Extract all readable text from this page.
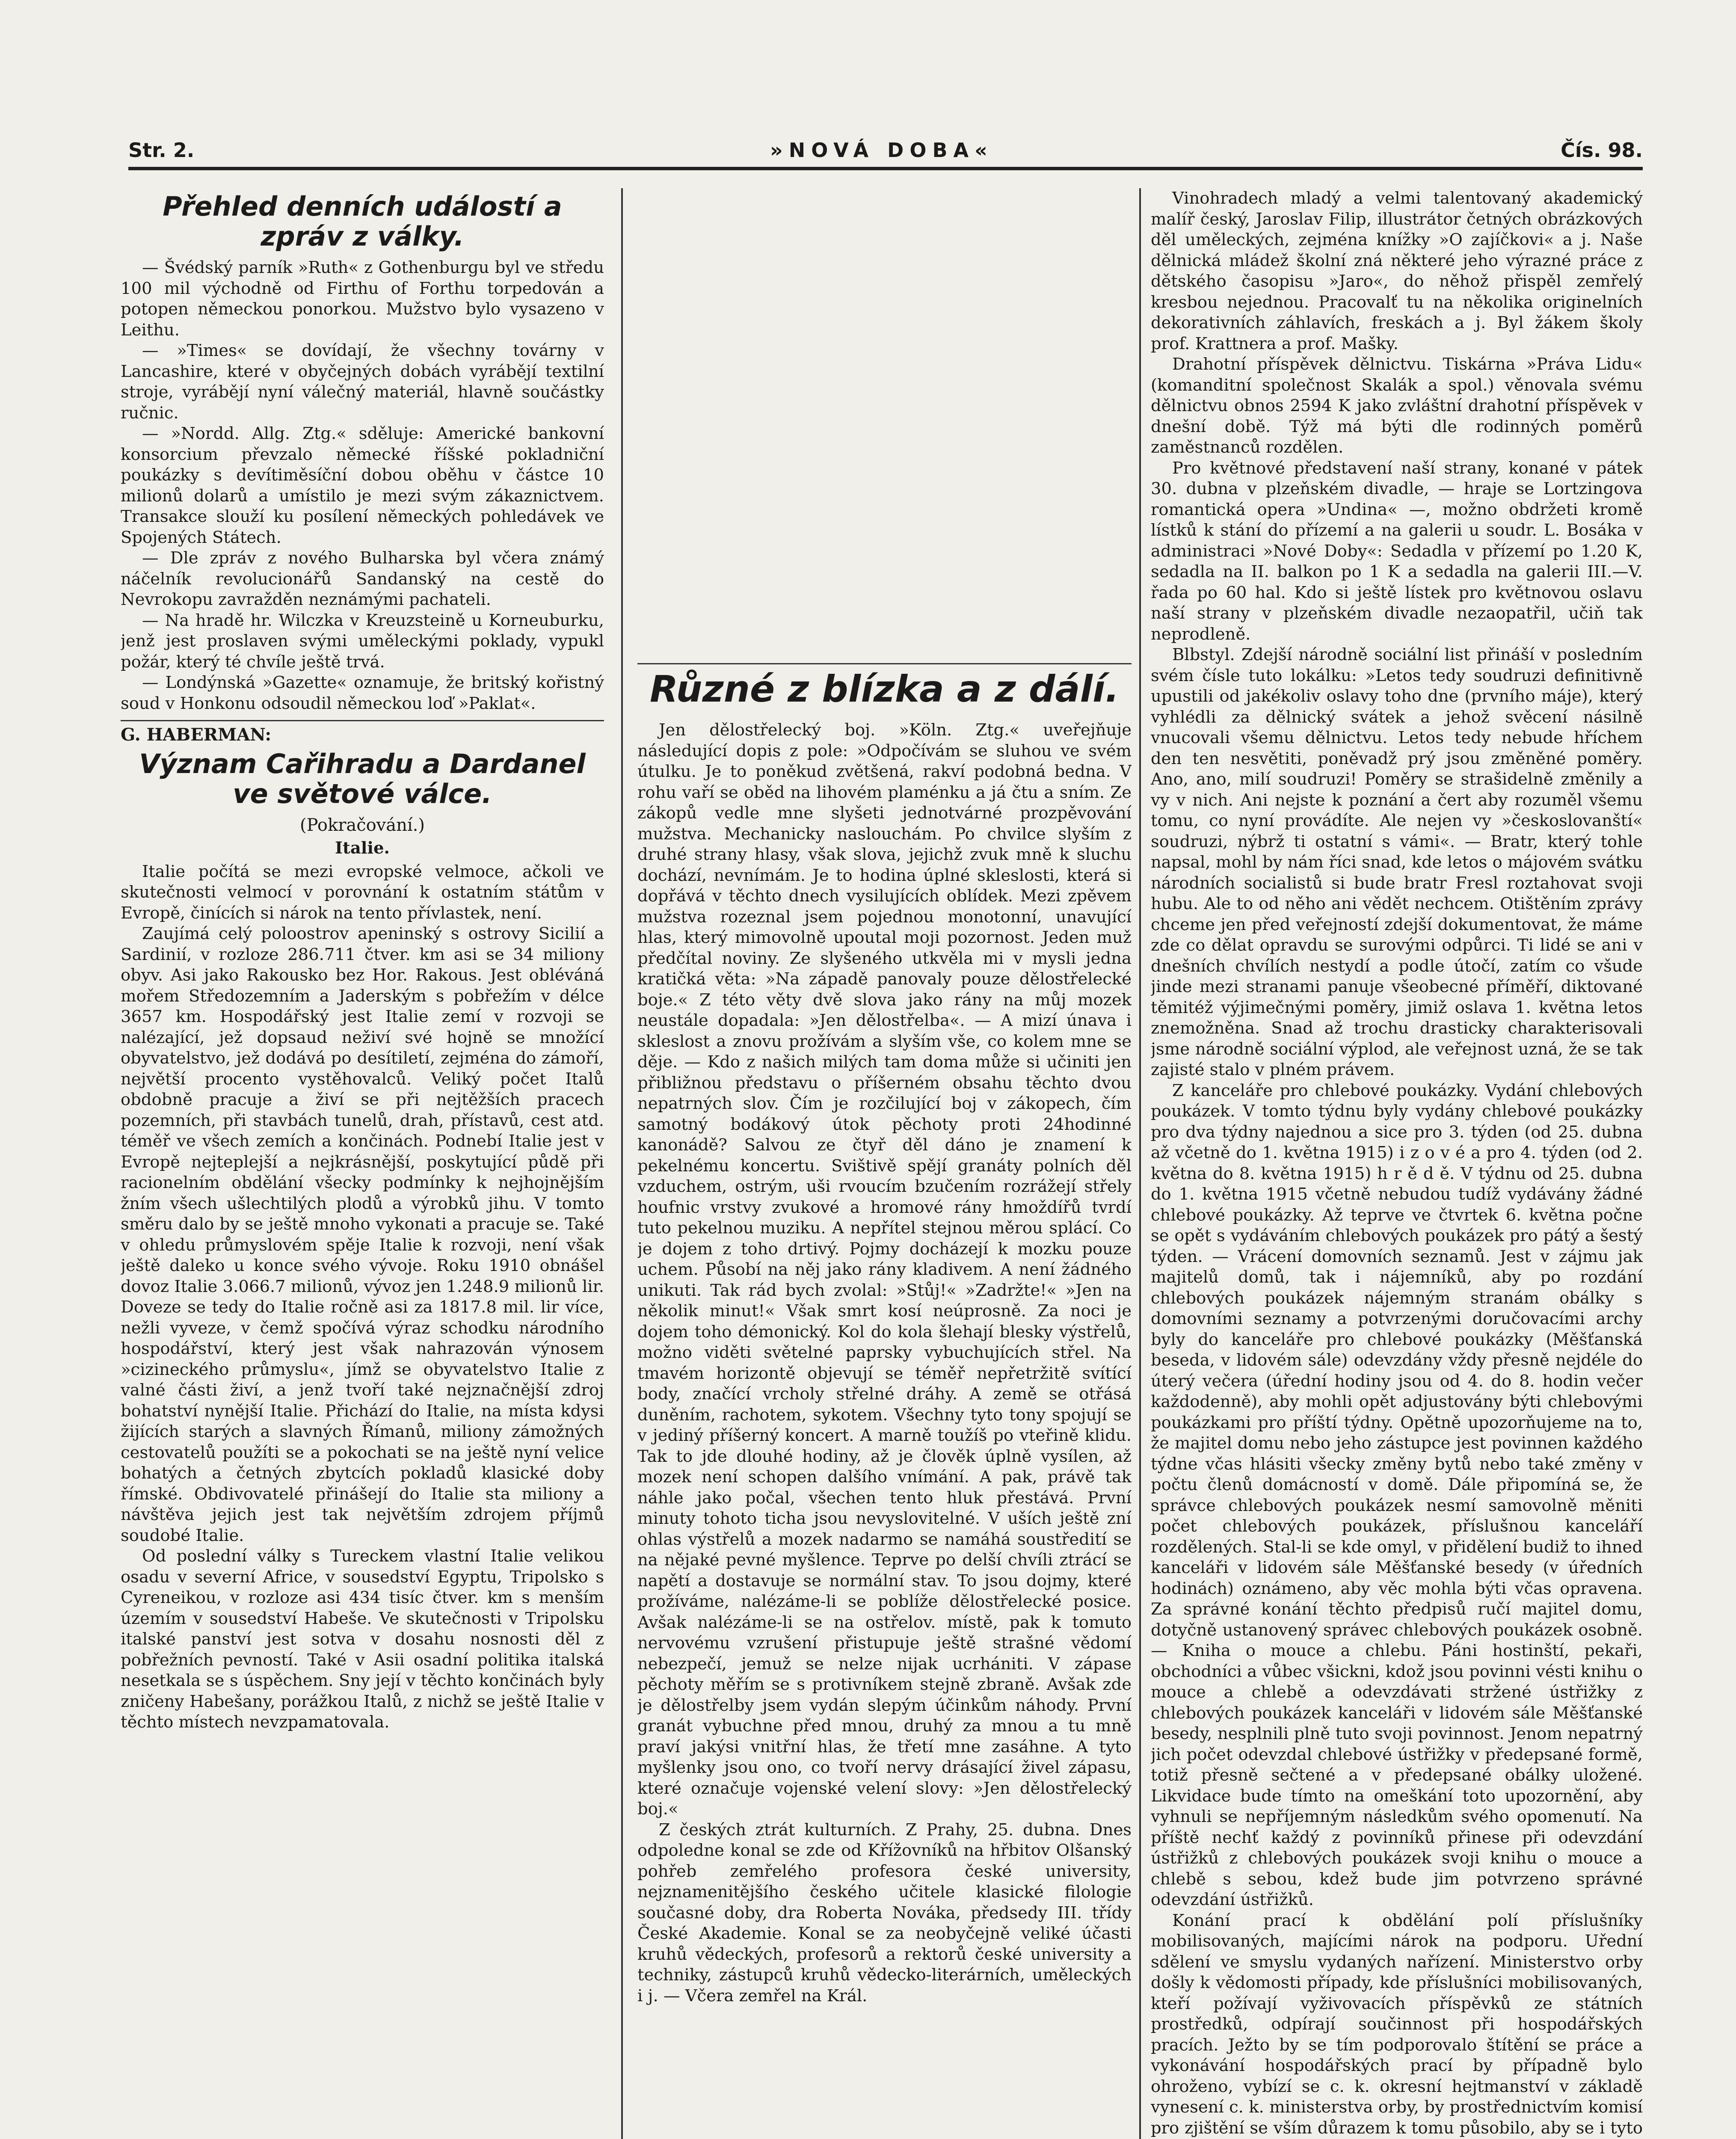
Str. 2.	»NOVÁ DOBA«	Čís. 98.
Přehled denních událostí a zpráv z války.

— Švédský parník »Ruth« z Gothenburgu byl ve středu 100 mil východně od Firthu of Forthu torpedován a potopen německou ponorkou. Mužstvo bylo vysazeno v Leithu.

— »Times« se dovídají, že všechny továrny v Lancashire, které v obyčejných dobách vyrábějí textilní stroje, vyrábějí nyní válečný materiál, hlavně součástky ručnic.

— »Nordd. Allg. Ztg.« sděluje: Americké bankovní konsorcium převzalo německé říšské pokladniční poukázky s devítiměsíční dobou oběhu v částce 10 milionů dolarů a umístilo je mezi svým zákaznictvem. Transakce slouží ku posílení německých pohledávek ve Spojených Státech.

— Dle zpráv z nového Bulharska byl včera známý náčelník revolucionářů Sandanský na cestě do Nevrokopu zavražděn neznámými pachateli.

— Na hradě hr. Wilczka v Kreuzsteině u Korneuburku, jenž jest proslaven svými uměleckými poklady, vypukl požár, který té chvíle ještě trvá.

— Londýnská »Gazette« oznamuje, že britský kořistný soud v Honkonu odsoudil německou loď »Paklat«.

G. HABERMAN:
Význam Cařihradu a Dardanel ve světové válce.
(Pokračování.)
Italie.

Italie počítá se mezi evropské velmoce, ačkoli ve skutečnosti velmocí v porovnání k ostatním státům v Evropě, činících si nárok na tento přívlastek, není.

Zaujímá celý poloostrov apeninský s ostrovy Sicilií a Sardinií, v rozloze 286.711 čtver. km asi se 34 miliony obyv. Asi jako Rakousko bez Hor. Rakous. Jest obléváná mořem Středozemním a Jaderským s pobřežím v délce 3657 km. Hospodářský jest Italie zemí v rozvoji se nalézající, jež dopsaud neživí své hojně se množící obyvatelstvo, jež dodává po desítiletí, zejména do zámoří, největší procento vystěhovalců. Veliký počet Italů obdobně pracuje a živí se při nejtěžších pracech pozemních, při stavbách tunelů, drah, přístavů, cest atd. téměř ve všech zemích a končinách. Podnebí Italie jest v Evropě nejteplejší a nejkrásnější, poskytující půdě při racionelním obdělání všecky podmínky k nejhojnějším žním všech ušlechtilých plodů a výrobků jihu. V tomto směru dalo by se ještě mnoho vykonati a pracuje se. Také v ohledu průmyslovém spěje Italie k rozvoji, není však ještě daleko u konce svého vývoje. Roku 1910 obnášel dovoz Italie 3.066.7 milionů, vývoz jen 1.248.9 milionů lir. Doveze se tedy do Italie ročně asi za 1817.8 mil. lir více, nežli vyveze, v čemž spočívá výraz schodku národního hospodářství, který jest však nahrazován výnosem »cizineckého průmyslu«, jímž se obyvatelstvo Italie z valné části živí, a jenž tvoří také nejznačnější zdroj bohatství nynější Italie. Přichází do Italie, na místa kdysi žijících starých a slavných Římanů, miliony zámožných cestovatelů použíti se a pokochati se na ještě nyní velice bohatých a četných zbytcích pokladů klasické doby římské. Obdivovatelé přinášejí do Italie sta miliony a návštěva jejich jest tak největším zdrojem příjmů soudobé Italie.

Od poslední války s Tureckem vlastní Italie velikou osadu v severní Africe, v sousedství Egyptu, Tripolsko s Cyreneikou, v rozloze asi 434 tisíc čtver. km s menším územím v sousedství Habeše. Ve skutečnosti v Tripolsku italské panství jest sotva v dosahu nosnosti děl z pobřežních pevností. Také v Asii osadní politika italská nesetkala se s úspěchem. Sny její v těchto končinách byly zničeny Habešany, porážkou Italů, z nichž se ještě Italie v těchto místech nevzpamatovala.

Různé z blízka a z dálí.

Jen dělostřelecký boj. »Köln. Ztg.« uveřejňuje následující dopis z pole: »Odpočívám se sluhou ve svém útulku. Je to poněkud zvětšená, rakví podobná bedna. V rohu vaří se oběd na lihovém plaménku a já čtu a sním. Ze zákopů vedle mne slyšeti jednotvárné prozpěvování mužstva. Mechanicky naslouchám. Po chvilce slyším z druhé strany hlasy, však slova, jejichž zvuk mně k sluchu dochází, nevnímám. Je to hodina úplné skleslosti, která si dopřává v těchto dnech vysilujících oblídek. Mezi zpěvem mužstva rozeznal jsem pojednou monotonní, unavující hlas, který mimovolně upoutal moji pozornost. Jeden muž předčítal noviny. Ze slyšeného utkvěla mi v mysli jedna kratičká věta: »Na západě panovaly pouze dělostřelecké boje.« Z této věty dvě slova jako rány na můj mozek neustále dopadala: »Jen dělostřelba«. — A mizí únava i skleslost a znovu prožívám a slyším vše, co kolem mne se děje. — Kdo z našich milých tam doma může si učiniti jen přibližnou představu o příšerném obsahu těchto dvou nepatrných slov. Čím je rozčilující boj v zákopech, čím samotný bodákový útok pěchoty proti 24hodinné kanonádě? Salvou ze čtyř děl dáno je znamení k pekelnému koncertu. Svištivě spějí granáty polních děl vzduchem, ostrým, uši rvoucím bzučením rozrážejí střely houfnic vrstvy zvukové a hromové rány hmoždířů tvrdí tuto pekelnou muziku. A nepřítel stejnou měrou splácí. Co je dojem z toho drtivý. Pojmy docházejí k mozku pouze uchem. Působí na něj jako rány kladivem. A není žádného unikuti. Tak rád bych zvolal: »Stůj!« »Zadržte!« »Jen na několik minut!« Však smrt kosí neúprosně. Za noci je dojem toho démonický. Kol do kola šlehají blesky výstřelů, možno viděti světelné paprsky vybuchujících střel. Na tmavém horizontě objevují se téměř nepřetržitě svítící body, značící vrcholy střelné dráhy. A země se otřásá duněním, rachotem, sykotem. Všechny tyto tony spojují se v jediný příšerný koncert. A marně toužíš po vteřině klidu. Tak to jde dlouhé hodiny, až je člověk úplně vysílen, až mozek není schopen dalšího vnímání. A pak, právě tak náhle jako počal, všechen tento hluk přestává. První minuty tohoto ticha jsou nevyslovitelné. V uších ještě zní ohlas výstřelů a mozek nadarmo se namáhá soustředití se na nějaké pevné myšlence. Teprve po delší chvíli ztrácí se napětí a dostavuje se normální stav. To jsou dojmy, které prožíváme, nalézáme-li se poblíže dělostřelecké posice. Avšak nalézáme-li se na ostřelov. místě, pak k tomuto nervovému vzrušení přistupuje ještě strašné vědomí nebezpečí, jemuž se nelze nijak ucrhániti. V zápase pěchoty měřím se s protivníkem stejně zbraně. Avšak zde je dělostřelby jsem vydán slepým účinkům náhody. První granát vybuchne před mnou, druhý za mnou a tu mně praví jakýsi vnitřní hlas, že třetí mne zasáhne. A tyto myšlenky jsou ono, co tvoří nervy drásající živel zápasu, které označuje vojenské velení slovy: »Jen dělostřelecký boj.«

Z českých ztrát kulturních. Z Prahy, 25. dubna. Dnes odpoledne konal se zde od Křížovníků na hřbitov Olšanský pohřeb zemřelého profesora české university, nejznamenitějšího českého učitele klasické filologie současné doby, dra Roberta Nováka, předsedy III. třídy České Akademie. Konal se za neobyčejně veliké účasti kruhů vědeckých, profesorů a rektorů české university a techniky, zástupců kruhů vědecko-literárních, uměleckých i j. — Včera zemřel na Král.

Vinohradech mladý a velmi talentovaný akademický malíř český, Jaroslav Filip, illustrátor četných obrázkových děl uměleckých, zejména knížky »O zajíčkovi« a j. Naše dělnická mládež školní zná některé jeho výrazné práce z dětského časopisu »Jaro«, do něhož přispěl zemřelý kresbou nejednou. Pracovalť tu na několika originelních dekorativních záhlavích, freskách a j. Byl žákem školy prof. Krattnera a prof. Mašky.

Drahotní příspěvek dělnictvu. Tiskárna »Práva Lidu« (komanditní společnost Skalák a spol.) věnovala svému dělnictvu obnos 2594 K jako zvláštní drahotní příspěvek v dnešní době. Týž má býti dle rodinných poměrů zaměstnanců rozdělen.

Pro květnové představení naší strany, konané v pátek 30. dubna v plzeňském divadle, — hraje se Lortzingova romantická opera »Undina« —, možno obdržeti kromě lístků k stání do přízemí a na galerii u soudr. L. Bosáka v administraci »Nové Doby«: Sedadla v přízemí po 1.20 K, sedadla na II. balkon po 1 K a sedadla na galerii III.—V. řada po 60 hal. Kdo si ještě lístek pro květnovou oslavu naší strany v plzeňském divadle nezaopatřil, učiň tak neprodleně.

Blbstyl. Zdejší národně sociální list přináší v posledním svém čísle tuto lokálku: »Letos tedy soudruzi definitivně upustili od jakékoliv oslavy toho dne (prvního máje), který vyhlédli za dělnický svátek a jehož svěcení násilně vnucovali všemu dělnictvu. Letos tedy nebude hříchem den ten nesvětiti, poněvadž prý jsou změněné poměry. Ano, ano, milí soudruzi! Poměry se strašidelně změnily a vy v nich. Ani nejste k poznání a čert aby rozuměl všemu tomu, co nyní provádíte. Ale nejen vy »českoslovanští« soudruzi, nýbrž ti ostatní s vámi«. — Bratr, který tohle napsal, mohl by nám říci snad, kde letos o májovém svátku národních socialistů si bude bratr Fresl roztahovat svoji hubu. Ale to od něho ani vědět nechcem. Otištěním zprávy chceme jen před veřejností zdejší dokumentovat, že máme zde co dělat opravdu se surovými odpůrci. Ti lidé se ani v dnešních chvílích nestydí a podle útočí, zatím co všude jinde mezi stranami panuje všeobecné příměří, diktované těmitéž výjimečnými poměry, jimiž oslava 1. května letos znemožněna. Snad až trochu drasticky charakterisovali jsme národně sociální výplod, ale veřejnost uzná, že se tak zajisté stalo v plném právem.

Z kanceláře pro chlebové poukázky. Vydání chlebových poukázek. V tomto týdnu byly vydány chlebové poukázky pro dva týdny najednou a sice pro 3. týden (od 25. dubna až včetně do 1. května 1915) i z o v é a pro 4. týden (od 2. května do 8. května 1915) h r ě d ě. V týdnu od 25. dubna do 1. května 1915 včetně nebudou tudíž vydávány žádné chlebové poukázky. Až teprve ve čtvrtek 6. května počne se opět s vydáváním chlebových poukázek pro pátý a šestý týden. — Vrácení domovních seznamů. Jest v zájmu jak majitelů domů, tak i nájemníků, aby po rozdání chlebových poukázek nájemným stranám obálky s domovními seznamy a potvrzenými doručovacími archy byly do kanceláře pro chlebové poukázky (Měšťanská beseda, v lidovém sále) odevzdány vždy přesně nejdéle do úterý večera (úřední hodiny jsou od 4. do 8. hodin večer každodenně), aby mohli opět adjustovány býti chlebovými poukázkami pro příští týdny. Opětně upozorňujeme na to, že majitel domu nebo jeho zástupce jest povinnen každého týdne včas hlásiti všecky změny bytů nebo také změny v počtu členů domácností v domě. Dále připomíná se, že správce chlebových poukázek nesmí samovolně měniti počet chlebových poukázek, příslušnou kanceláří rozdělených. Stal-li se kde omyl, v přidělení budiž to ihned kanceláři v lidovém sále Měšťanské besedy (v úředních hodinách) oznámeno, aby věc mohla býti včas opravena. Za správné konání těchto předpisů ručí majitel domu, dotyčně ustanovený správec chlebových poukázek osobně. — Kniha o mouce a chlebu. Páni hostinští, pekaři, obchodníci a vůbec všickni, kdož jsou povinni vésti knihu o mouce a chlebě a odevzdávati stržené ústřižky z chlebových poukázek kanceláři v lidovém sále Měšťanské besedy, nesplnili plně tuto svoji povinnost. Jenom nepatrný jich počet odevzdal chlebové ústřižky v předepsané formě, totiž přesně sečtené a v předepsané obálky uložené. Likvidace bude tímto na omeškání toto upozornění, aby vyhnuli se nepříjemným následkům svého opomenutí. Na příště nechť každý z povinníků přinese při odevzdání ústřižků z chlebových poukázek svoji knihu o mouce a chlebě s sebou, kdež bude jim potvrzeno správné odevzdání ústřižků.

Konání prací k obdělání polí příslušníky mobilisovaných, majícími nárok na podporu. Uřední sdělení ve smyslu vydaných nařízení. Ministerstvo orby došly k vědomosti případy, kde příslušníci mobilisovaných, kteří požívají vyživovacích příspěvků ze státních prostředků, odpírají součinnost při hospodářských pracích. Ježto by se tím podporovalo štítění se práce a vykonávání hospodářských prací by případně bylo ohroženo, vybízí se c. k. okresní hejtmanství v základě vynesení c. k. ministerstva orby, by prostřednictvím komisí pro zjištění se vším důrazem k tomu působilo, aby se i tyto
